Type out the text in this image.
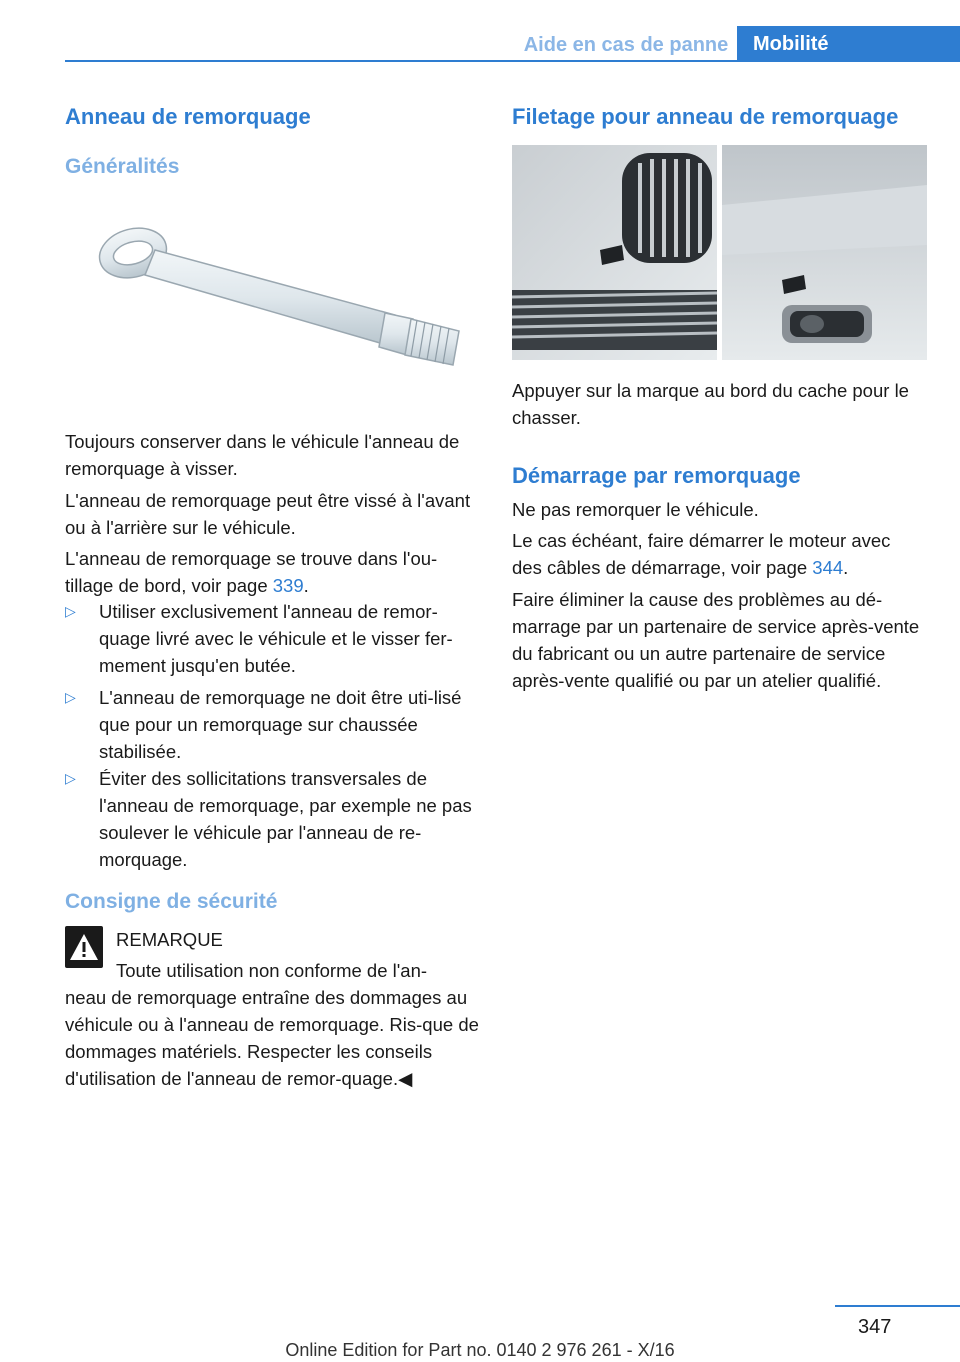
Aide en cas de panne	Mobilité
Anneau de remorquage
Généralités

Toujours conserver dans le véhicule l'anneau de remorquage à visser.

L'anneau de remorquage peut être vissé à l'avant ou à l'arrière sur le véhicule.

L'anneau de remorquage se trouve dans l'ou-tillage de bord, voir page 339.

▷ Utiliser exclusivement l'anneau de remor-quage livré avec le véhicule et le visser fer-mement jusqu'en butée.
▷ L'anneau de remorquage ne doit être uti-lisé que pour un remorquage sur chaussée stabilisée.
▷ Éviter des sollicitations transversales de l'anneau de remorquage, par exemple ne pas soulever le véhicule par l'anneau de re-morquage.
Consigne de sécurité
REMARQUE
Toute utilisation non conforme de l'an-

neau de remorquage entraîne des dommages au véhicule ou à l'anneau de remorquage. Ris-que de dommages matériels. Respecter les conseils d'utilisation de l'anneau de remor-quage.◀

Filetage pour anneau de remorquage

Appuyer sur la marque au bord du cache pour le chasser.

Démarrage par remorquage

Ne pas remorquer le véhicule.

Le cas échéant, faire démarrer le moteur avec des câbles de démarrage, voir page 344.

Faire éliminer la cause des problèmes au dé-marrage par un partenaire de service après-vente du fabricant ou un autre partenaire de service après-vente qualifié ou par un atelier qualifié.

347
Online Edition for Part no. 0140 2 976 261 - X/16
